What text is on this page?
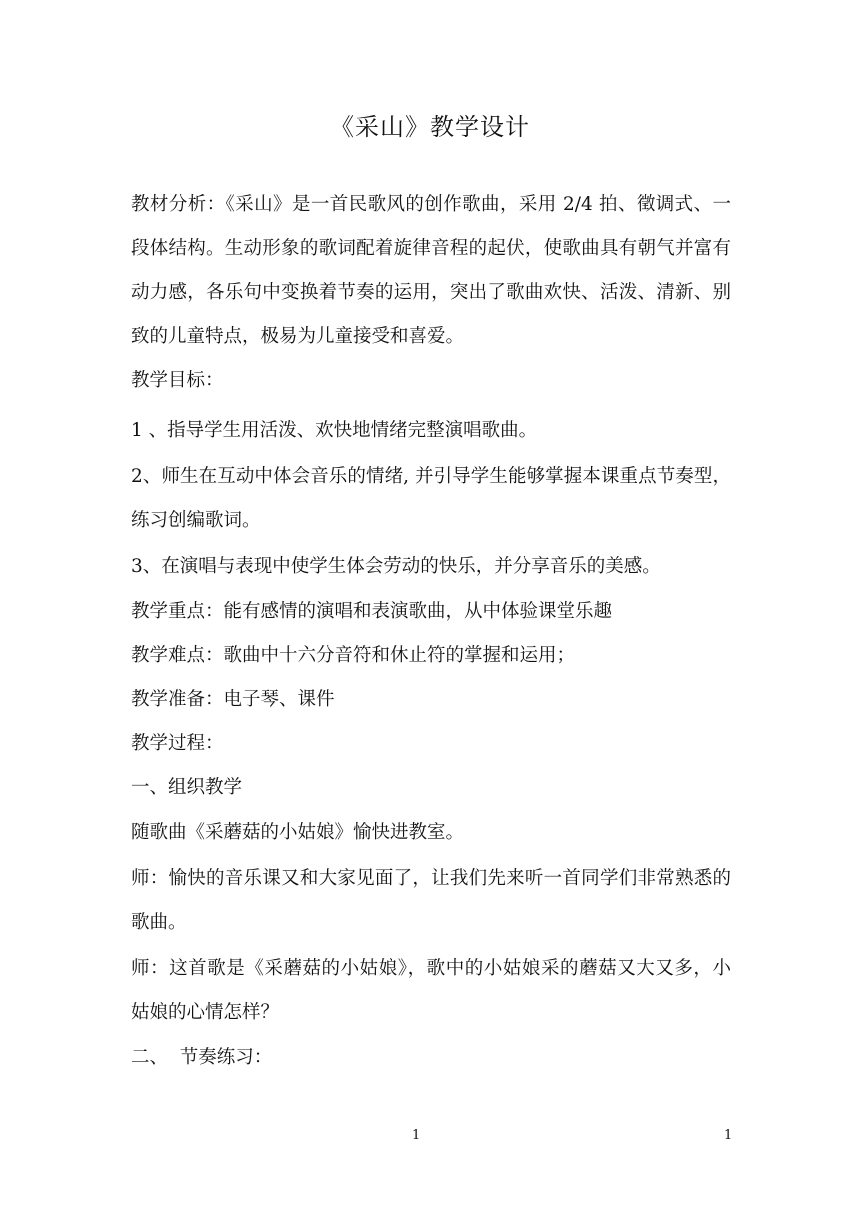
《采山》教学设计

教材分析：《采山》是一首民歌风的创作歌曲，采用 2/4 拍、徵调式、一段体结构。生动形象的歌词配着旋律音程的起伏，使歌曲具有朝气并富有动力感，各乐句中变换着节奏的运用，突出了歌曲欢快、活泼、清新、别致的儿童特点，极易为儿童接受和喜爱。

教学目标：
1 、指导学生用活泼、欢快地情绪完整演唱歌曲。

2、师生在互动中体会音乐的情绪, 并引导学生能够掌握本课重点节奏型，练习创编歌词。

3、在演唱与表现中使学生体会劳动的快乐，并分享音乐的美感。
教学重点：能有感情的演唱和表演歌曲，从中体验课堂乐趣
教学难点：歌曲中十六分音符和休止符的掌握和运用；
教学准备：电子琴、课件
教学过程：
一、组织教学
随歌曲《采蘑菇的小姑娘》愉快进教室。

师：愉快的音乐课又和大家见面了，让我们先来听一首同学们非常熟悉的歌曲。

师：这首歌是《采蘑菇的小姑娘》，歌中的小姑娘采的蘑菇又大又多，小姑娘的心情怎样？

二、  节奏练习：
1	1
